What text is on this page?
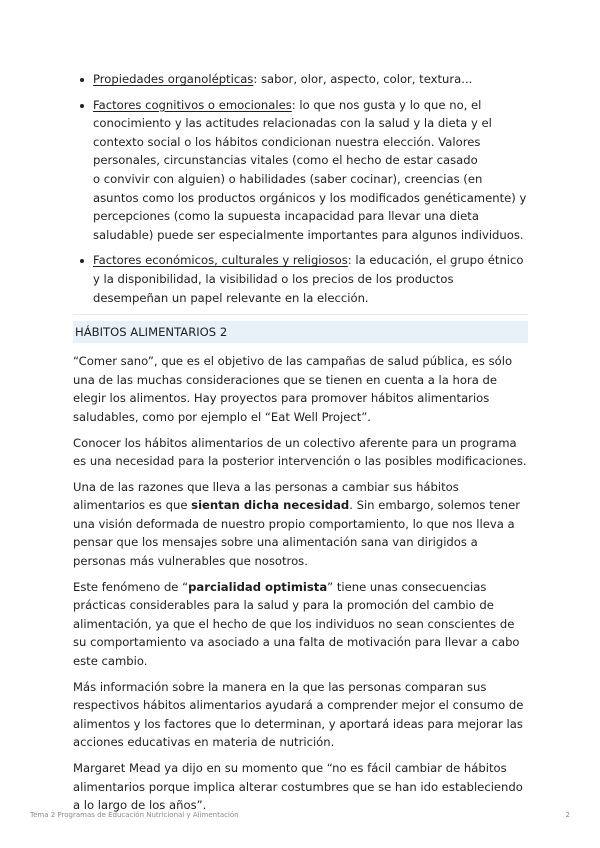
Propiedades organolépticas: sabor, olor, aspecto, color, textura...
Factores cognitivos o emocionales: lo que nos gusta y lo que no, el conocimiento y las actitudes relacionadas con la salud y la dieta y el contexto social o los hábitos condicionan nuestra elección. Valores personales, circunstancias vitales (como el hecho de estar casado
o convivir con alguien) o habilidades (saber cocinar), creencias (en asuntos como los productos orgánicos y los modificados genéticamente) y percepciones (como la supuesta incapacidad para llevar una dieta saludable) puede ser especialmente importantes para algunos individuos.
Factores económicos, culturales y religiosos: la educación, el grupo étnico y la disponibilidad, la visibilidad o los precios de los productos desempeñan un papel relevante en la elección.
HÁBITOS ALIMENTARIOS 2

“Comer sano”, que es el objetivo de las campañas de salud pública, es sólo una de las muchas consideraciones que se tienen en cuenta a la hora de elegir los alimentos. Hay proyectos para promover hábitos alimentarios saludables, como por ejemplo el “Eat Well Project”.

Conocer los hábitos alimentarios de un colectivo aferente para un programa es una necesidad para la posterior intervención o las posibles modificaciones.

Una de las razones que lleva a las personas a cambiar sus hábitos alimentarios es que sientan dicha necesidad. Sin embargo, solemos tener una visión deformada de nuestro propio comportamiento, lo que nos lleva a pensar que los mensajes sobre una alimentación sana van dirigidos a personas más vulnerables que nosotros.

Este fenómeno de “parcialidad optimista” tiene unas consecuencias prácticas considerables para la salud y para la promoción del cambio de alimentación, ya que el hecho de que los individuos no sean conscientes de su comportamiento va asociado a una falta de motivación para llevar a cabo este cambio.

Más información sobre la manera en la que las personas comparan sus respectivos hábitos alimentarios ayudará a comprender mejor el consumo de alimentos y los factores que lo determinan, y aportará ideas para mejorar las acciones educativas en materia de nutrición.

Margaret Mead ya dijo en su momento que “no es fácil cambiar de hábitos alimentarios porque implica alterar costumbres que se han ido estableciendo a lo largo de los años”.

Tema 2 Programas de Educación Nutricional y Alimentación	2
